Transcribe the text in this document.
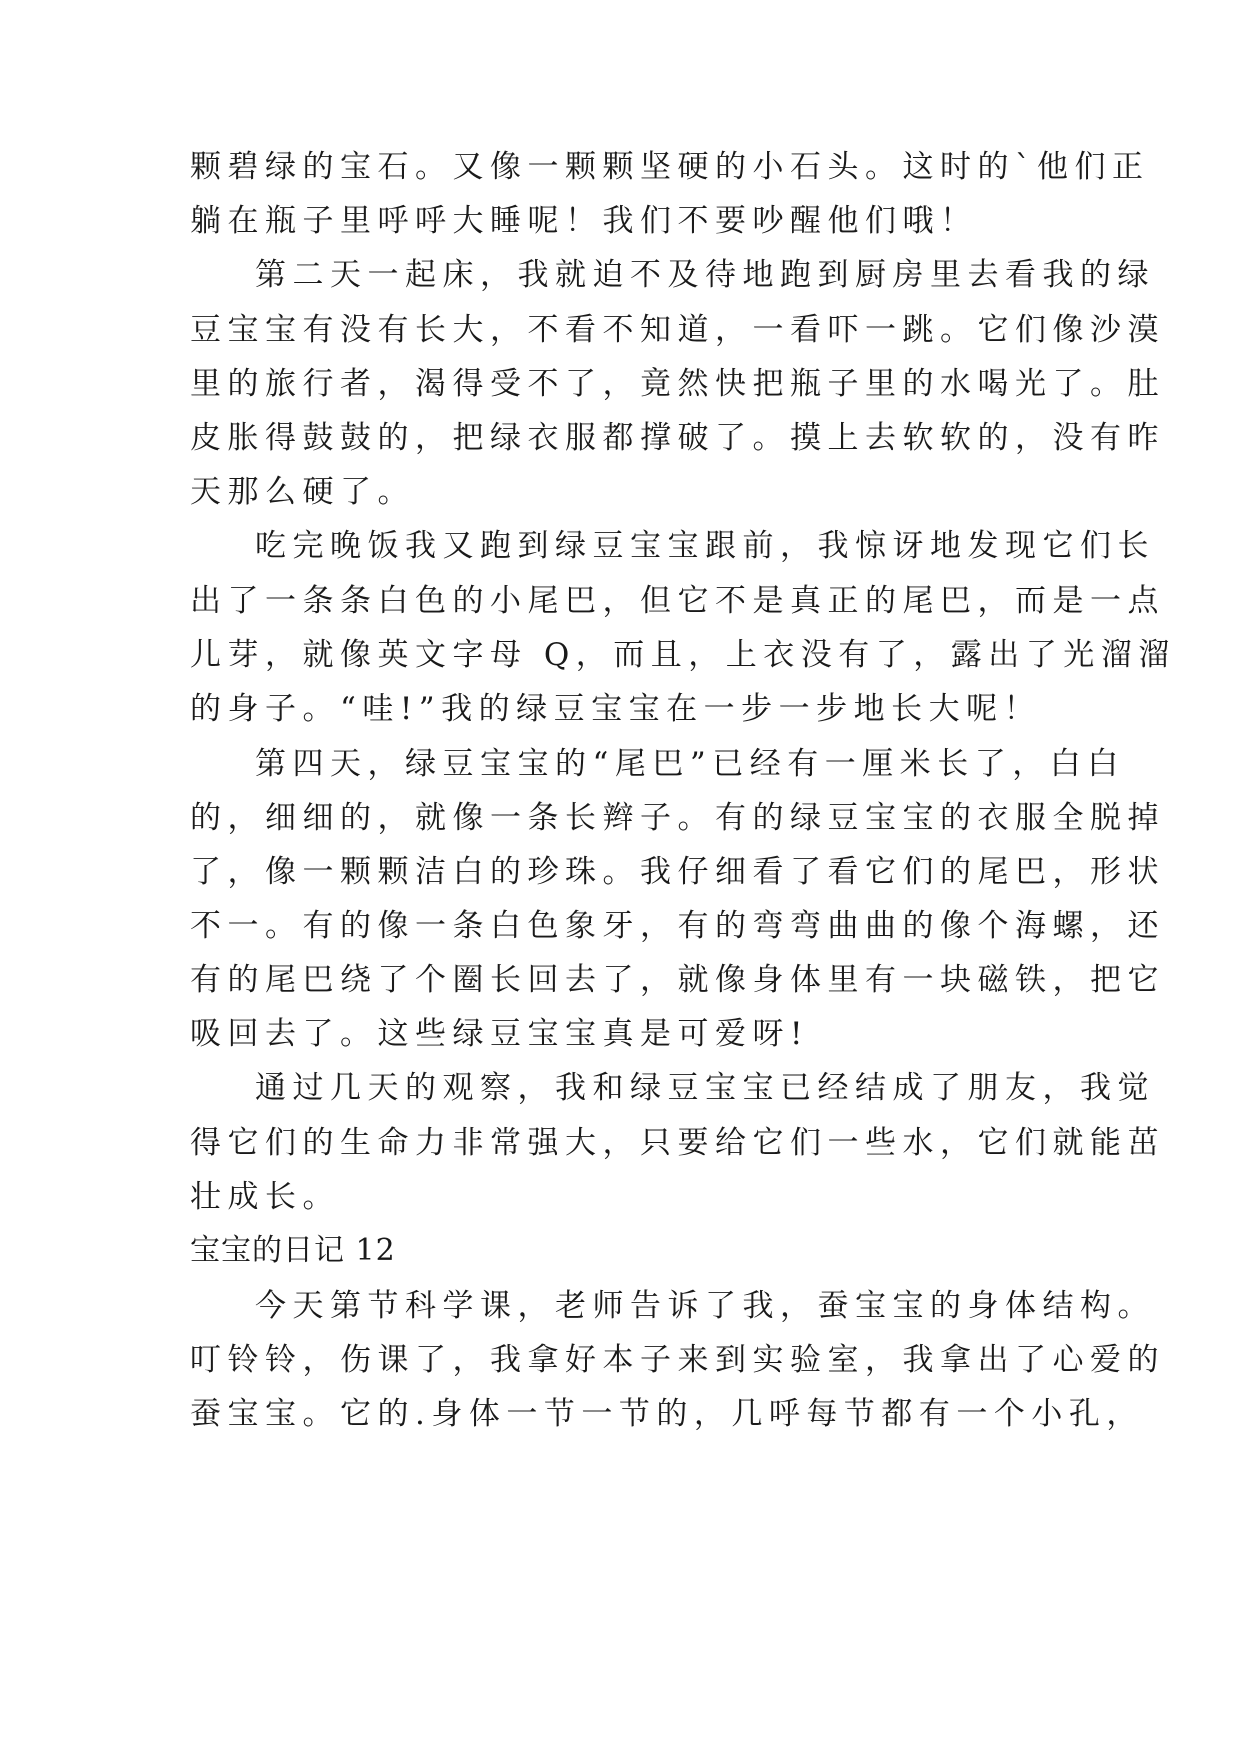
颗碧绿的宝石。又像一颗颗坚硬的小石头。这时的`他们正

躺在瓶子里呼呼大睡呢！我们不要吵醒他们哦！

第二天一起床，我就迫不及待地跑到厨房里去看我的绿

豆宝宝有没有长大，不看不知道，一看吓一跳。它们像沙漠

里的旅行者，渴得受不了，竟然快把瓶子里的水喝光了。肚

皮胀得鼓鼓的，把绿衣服都撑破了。摸上去软软的，没有昨

天那么硬了。

吃完晚饭我又跑到绿豆宝宝跟前，我惊讶地发现它们长

出了一条条白色的小尾巴，但它不是真正的尾巴，而是一点

儿芽，就像英文字母 Q，而且，上衣没有了，露出了光溜溜

的身子。“哇!”我的绿豆宝宝在一步一步地长大呢！

第四天，绿豆宝宝的“尾巴”已经有一厘米长了，白白

的，细细的，就像一条长辫子。有的绿豆宝宝的衣服全脱掉

了，像一颗颗洁白的珍珠。我仔细看了看它们的尾巴，形状

不一。有的像一条白色象牙，有的弯弯曲曲的像个海螺，还

有的尾巴绕了个圈长回去了，就像身体里有一块磁铁，把它

吸回去了。这些绿豆宝宝真是可爱呀!

通过几天的观察，我和绿豆宝宝已经结成了朋友，我觉

得它们的生命力非常强大，只要给它们一些水，它们就能茁

壮成长。

宝宝的日记 12

今天第节科学课，老师告诉了我，蚕宝宝的身体结构。

叮铃铃，伤课了，我拿好本子来到实验室，我拿出了心爱的

蚕宝宝。它的.身体一节一节的，几呼每节都有一个小孔，
